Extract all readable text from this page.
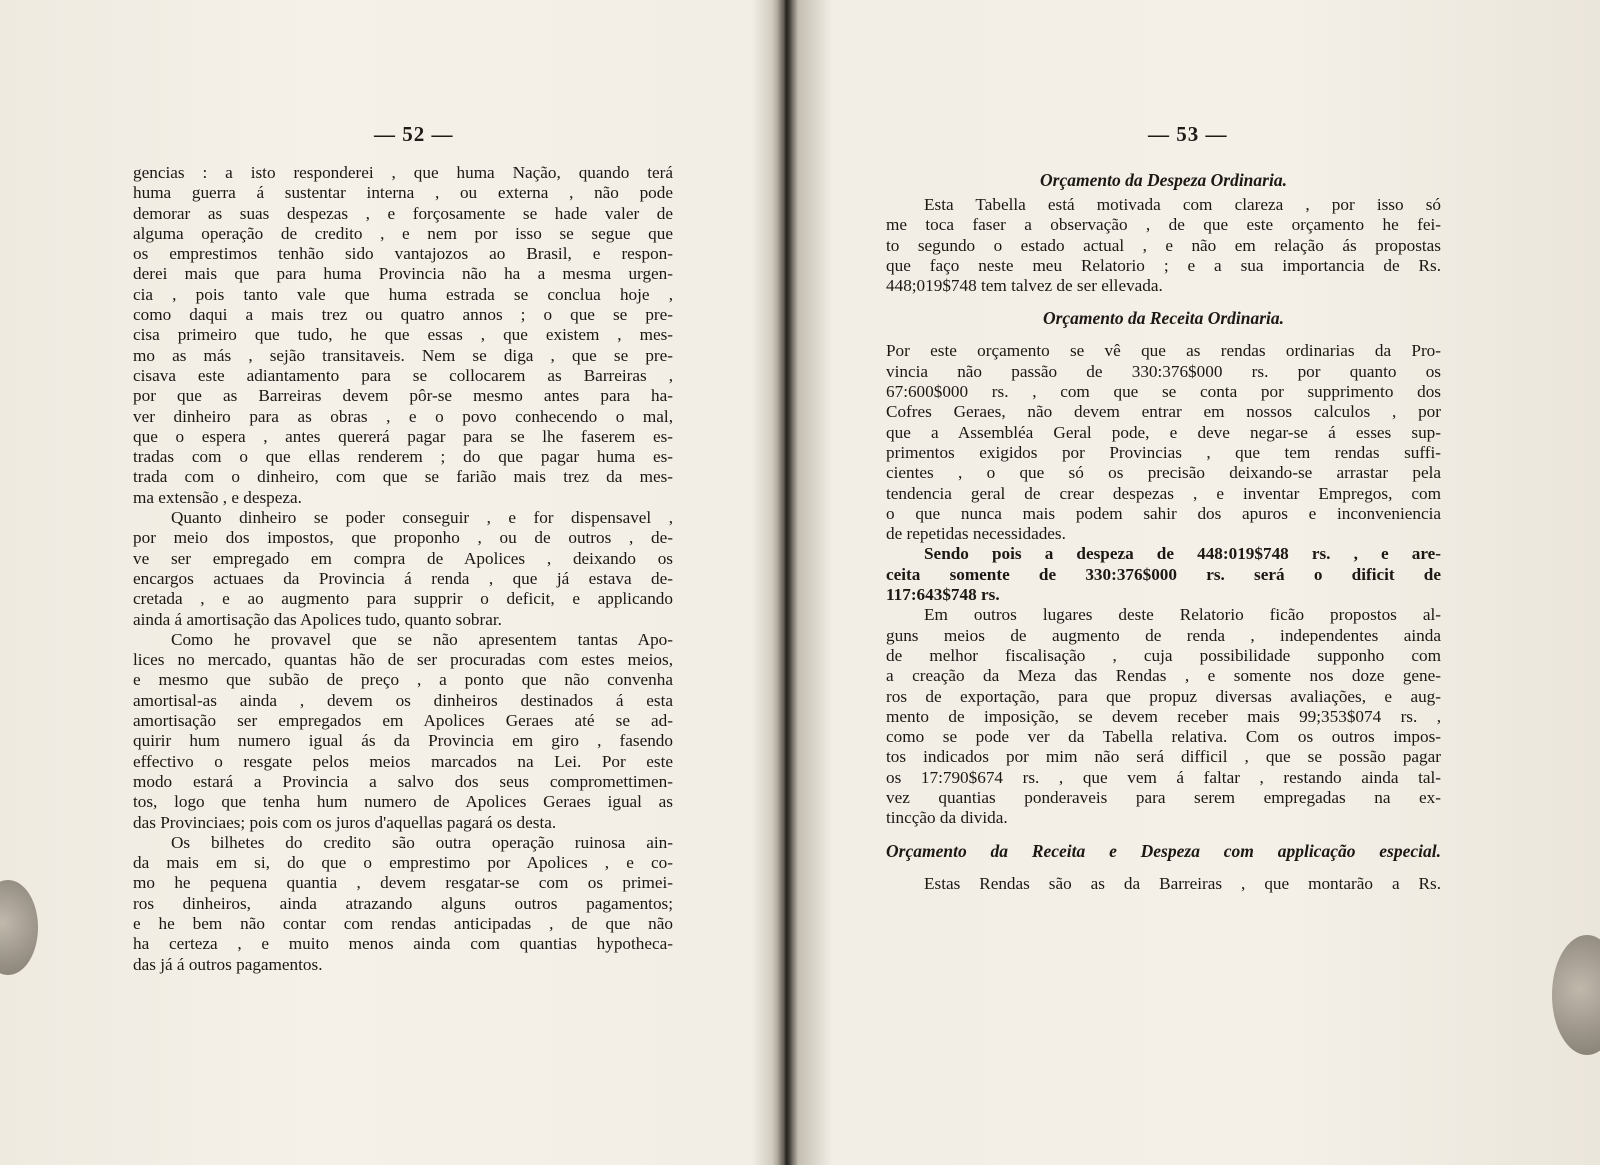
— 52 —
gencias : a isto responderei , que huma Nação, quando terá
huma guerra á sustentar interna , ou externa , não pode
demorar as suas despezas , e forçosamente se hade valer de
alguma operação de credito , e nem por isso se segue que
os emprestimos tenhão sido vantajozos ao Brasil, e respon-
derei mais que para huma Provincia não ha a mesma urgen-
cia , pois tanto vale que huma estrada se conclua hoje ,
como daqui a mais trez ou quatro annos ; o que se pre-
cisa primeiro que tudo, he que essas , que existem , mes-
mo as más , sejão transitaveis. Nem se diga , que se pre-
cisava este adiantamento para se collocarem as Barreiras ,
por que as Barreiras devem pôr-se mesmo antes para ha-
ver dinheiro para as obras , e o povo conhecendo o mal,
que o espera , antes quererá pagar para se lhe faserem es-
tradas com o que ellas renderem ; do que pagar huma es-
trada com o dinheiro, com que se farião mais trez da mes-
ma extensão , e despeza.
Quanto dinheiro se poder conseguir , e for dispensavel ,
por meio dos impostos, que proponho , ou de outros , de-
ve ser empregado em compra de Apolices , deixando os
encargos actuaes da Provincia á renda , que já estava de-
cretada , e ao augmento para supprir o deficit, e applicando
ainda á amortisação das Apolices tudo, quanto sobrar.
Como he provavel que se não apresentem tantas Apo-
lices no mercado, quantas hão de ser procuradas com estes meios,
e mesmo que subão de preço , a ponto que não convenha
amortisal-as ainda , devem os dinheiros destinados á esta
amortisação ser empregados em Apolices Geraes até se ad-
quirir hum numero igual ás da Provincia em giro , fasendo
effectivo o resgate pelos meios marcados na Lei. Por este
modo estará a Provincia a salvo dos seus compromettimen-
tos, logo que tenha hum numero de Apolices Geraes igual as
das Provinciaes; pois com os juros d'aquellas pagará os desta.
Os bilhetes do credito são outra operação ruinosa ain-
da mais em si, do que o emprestimo por Apolices , e co-
mo he pequena quantia , devem resgatar-se com os primei-
ros dinheiros, ainda atrazando alguns outros pagamentos;
e he bem não contar com rendas anticipadas , de que não
ha certeza , e muito menos ainda com quantias hypotheca-
das já á outros pagamentos.
— 53 —
Orçamento da Despeza Ordinaria.
Esta Tabella está motivada com clareza , por isso só
me toca faser a observação , de que este orçamento he fei-
to segundo o estado actual , e não em relação ás propostas
que faço neste meu Relatorio ; e a sua importancia de Rs.
448;019$748 tem talvez de ser ellevada.
Orçamento da Receita Ordinaria.
Por este orçamento se vê que as rendas ordinarias da Pro-
vincia não passão de 330:376$000 rs. por quanto os
67:600$000 rs. , com que se conta por supprimento dos
Cofres Geraes, não devem entrar em nossos calculos , por
que a Assembléa Geral pode, e deve negar-se á esses sup-
primentos exigidos por Provincias , que tem rendas suffi-
cientes , o que só os precisão deixando-se arrastar pela
tendencia geral de crear despezas , e inventar Empregos, com
o que nunca mais podem sahir dos apuros e inconveniencia
de repetidas necessidades.
Sendo pois a despeza de 448:019$748 rs. , e are-
ceita somente de 330:376$000 rs. será o dificit de
117:643$748 rs.
Em outros lugares deste Relatorio ficão propostos al-
guns meios de augmento de renda , independentes ainda
de melhor fiscalisação , cuja possibilidade supponho com
a creação da Meza das Rendas , e somente nos doze gene-
ros de exportação, para que propuz diversas avaliações, e aug-
mento de imposição, se devem receber mais 99;353$074 rs. ,
como se pode ver da Tabella relativa. Com os outros impos-
tos indicados por mim não será difficil , que se possão pagar
os 17:790$674 rs. , que vem á faltar , restando ainda tal-
vez quantias ponderaveis para serem empregadas na ex-
tincção da divida.
Orçamento da Receita e Despeza com applicação especial.
Estas Rendas são as da Barreiras , que montarão a Rs.
